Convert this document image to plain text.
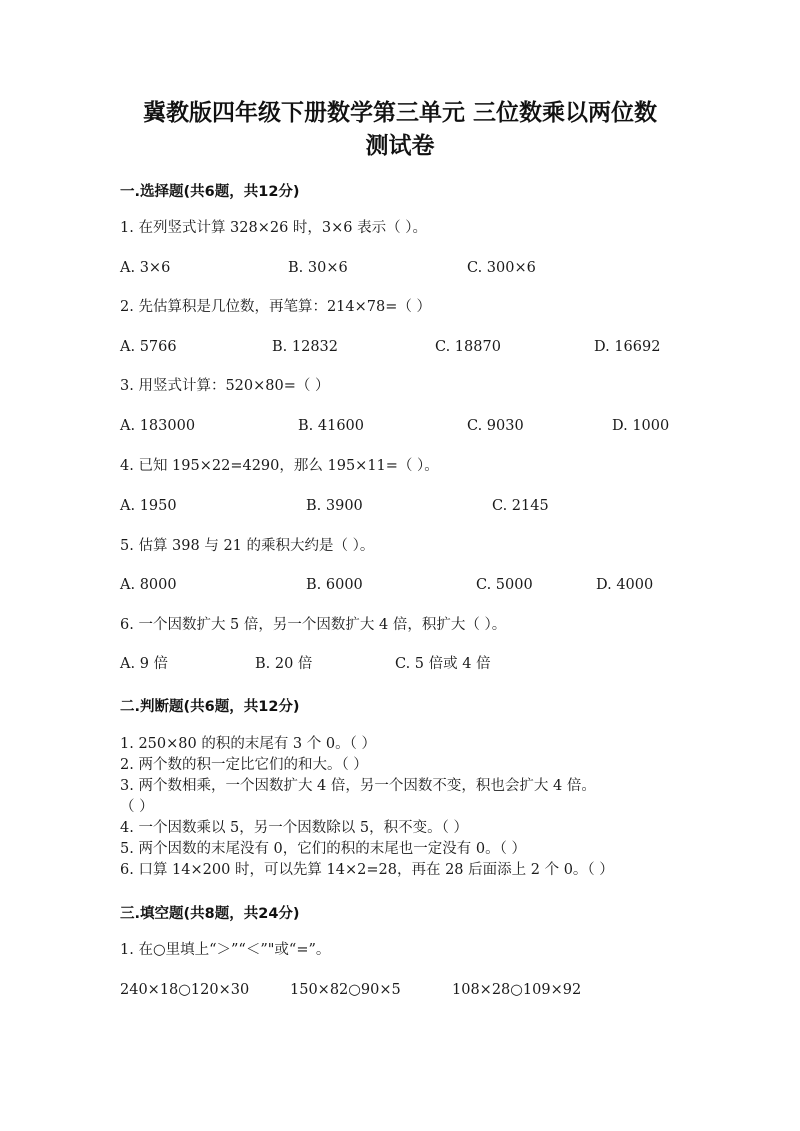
冀教版四年级下册数学第三单元 三位数乘以两位数
测试卷
一.选择题(共6题，共12分)
1. 在列竖式计算 328×26 时，3×6 表示（ ）。
A. 3×6	B. 30×6	C. 300×6
2. 先估算积是几位数，再笔算：214×78=（ ）
A. 5766	B. 12832	C. 18870	D. 16692
3. 用竖式计算：520×80=（ ）
A. 183000	B. 41600	C. 9030	D. 1000
4. 已知 195×22=4290，那么 195×11=（ ）。
A. 1950	B. 3900	C. 2145
5. 估算 398 与 21 的乘积大约是（ ）。
A. 8000	B. 6000	C. 5000	D. 4000
6. 一个因数扩大 5 倍，另一个因数扩大 4 倍，积扩大（ ）。
A. 9 倍	B. 20 倍	C. 5 倍或 4 倍
二.判断题(共6题，共12分)
1. 250×80 的积的末尾有 3 个 0。（ ）
2. 两个数的积一定比它们的和大。（ ）
3. 两个数相乘，一个因数扩大 4 倍，另一个因数不变，积也会扩大 4 倍。
（ ）
4. 一个因数乘以 5，另一个因数除以 5，积不变。（ ）
5. 两个因数的末尾没有 0，它们的积的末尾也一定没有 0。（ ）
6. 口算 14×200 时，可以先算 14×2=28，再在 28 后面添上 2 个 0。（ ）
三.填空题(共8题，共24分)
1. 在○里填上“＞”“＜”"或“=”。
240×18○120×30	150×82○90×5	108×28○109×92
